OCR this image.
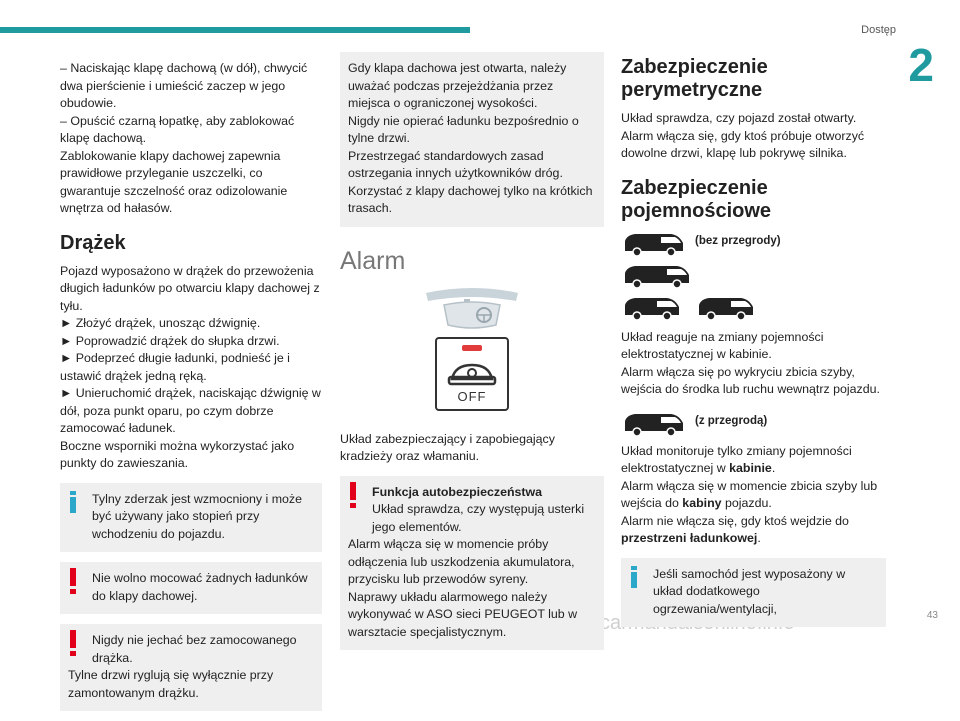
Dostęp
2
43

– Naciskając klapę dachową (w dół), chwycić dwa pierścienie i umieścić zaczep w jego obudowie.

– Opuścić czarną łopatkę, aby zablokować klapę dachową.

Zablokowanie klapy dachowej zapewnia prawidłowe przyleganie uszczelki, co gwarantuje szczelność oraz odizolowanie wnętrza od hałasów.

Drążek

Pojazd wyposażono w drążek do przewożenia długich ładunków po otwarciu klapy dachowej z tyłu.

► Złożyć drążek, unosząc dźwignię.

► Poprowadzić drążek do słupka drzwi.

► Podeprzeć długie ładunki, podnieść je i ustawić drążek jedną ręką.

► Unieruchomić drążek, naciskając dźwignię w dół, poza punkt oparu, po czym dobrze zamocować ładunek.

Boczne wsporniki można wykorzystać jako punkty do zawieszania.

Tylny zderzak jest wzmocniony i może być używany jako stopień przy wchodzeniu do pojazdu.
Nie wolno mocować żadnych ładunków do klapy dachowej.
Nigdy nie jechać bez zamocowanego drążka.

Tylne drzwi ryglują się wyłącznie przy zamontowanym drążku.

Gdy klapa dachowa jest otwarta, należy uważać podczas przejeżdżania przez miejsca o ograniczonej wysokości.

Nigdy nie opierać ładunku bezpośrednio o tylne drzwi.

Przestrzegać standardowych zasad ostrzegania innych użytkowników dróg.

Korzystać z klapy dachowej tylko na krótkich trasach.

Alarm
OFF

Układ zabezpieczający i zapobiegający kradzieży oraz włamaniu.

Funkcja autobezpieczeństwa
Układ sprawdza, czy występują usterki jego elementów.

Alarm włącza się w momencie próby odłączenia lub uszkodzenia akumulatora, przycisku lub przewodów syreny.

Naprawy układu alarmowego należy wykonywać w ASO sieci PEUGEOT lub w warsztacie specjalistycznym.

Zabezpieczenie perymetryczne

Układ sprawdza, czy pojazd został otwarty.

Alarm włącza się, gdy ktoś próbuje otworzyć dowolne drzwi, klapę lub pokrywę silnika.

Zabezpieczenie pojemnościowe
(bez przegrody)

Układ reaguje na zmiany pojemności elektrostatycznej w kabinie.

Alarm włącza się po wykryciu zbicia szyby, wejścia do środka lub ruchu wewnątrz pojazdu.

(z przegrodą)

Układ monitoruje tylko zmiany pojemności elektrostatycznej w kabinie.

Alarm włącza się w momencie zbicia szyby lub wejścia do kabiny pojazdu.

Alarm nie włącza się, gdy ktoś wejdzie do przestrzeni ładunkowej.

Jeśli samochód jest wyposażony w układ dodatkowego ogrzewania/wentylacji,
